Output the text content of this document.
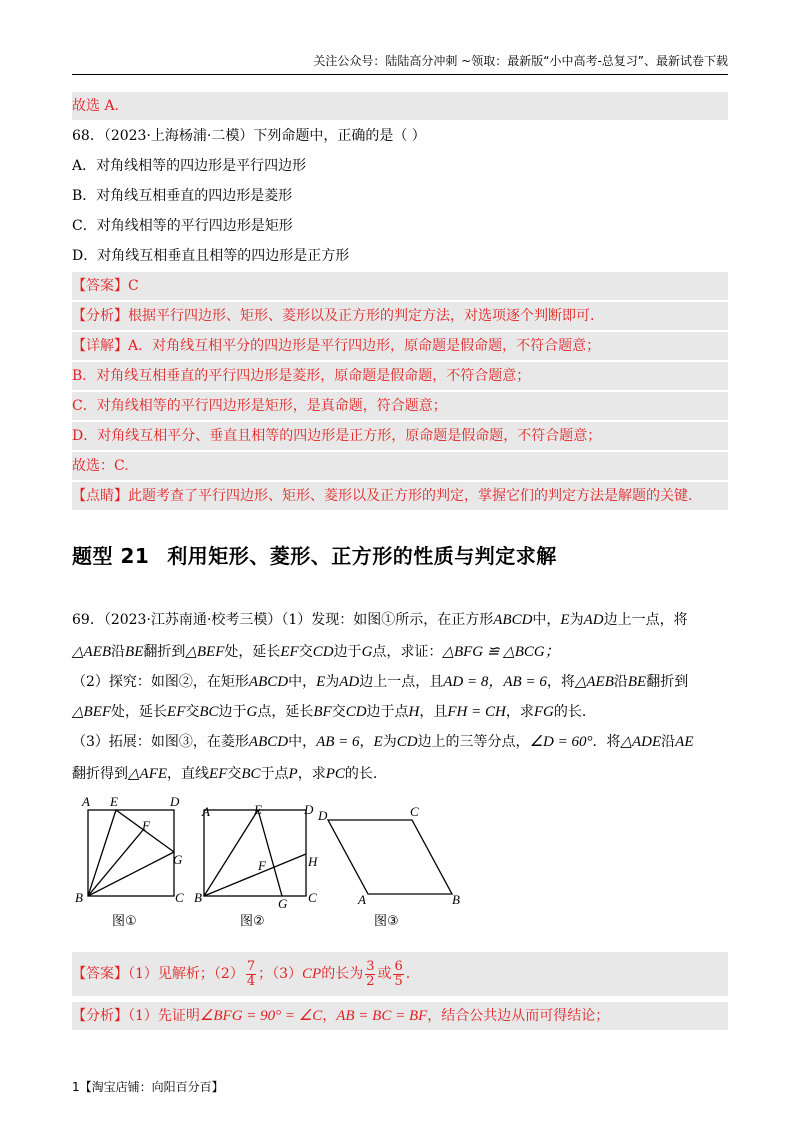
关注公众号：陆陆高分冲刺 ~领取：最新版“小中高考-总复习”、最新试卷下载
故选 A.
68．（2023·上海杨浦·二模）下列命题中，正确的是（ ）
A．对角线相等的四边形是平行四边形
B．对角线互相垂直的四边形是菱形
C．对角线相等的平行四边形是矩形
D．对角线互相垂直且相等的四边形是正方形
【答案】C
【分析】根据平行四边形、矩形、菱形以及正方形的判定方法，对选项逐个判断即可.
【详解】A．对角线互相平分的四边形是平行四边形，原命题是假命题，不符合题意；
B．对角线互相垂直的平行四边形是菱形，原命题是假命题，不符合题意；
C．对角线相等的平行四边形是矩形，是真命题，符合题意；
D．对角线互相平分、垂直且相等的四边形是正方形，原命题是假命题，不符合题意；
故选：C.
【点睛】此题考查了平行四边形、矩形、菱形以及正方形的判定，掌握它们的判定方法是解题的关键.
题型 21 利用矩形、菱形、正方形的性质与判定求解
69．（2023·江苏南通·校考三模）（1）发现：如图①所示，在正方形ABCD中，E为AD边上一点，将
△AEB沿BE翻折到△BEF处，延长EF交CD边于G点，求证：△BFG ≌ △BCG；
（2）探究：如图②，在矩形ABCD中，E为AD边上一点，且AD = 8，AB = 6，将△AEB沿BE翻折到
△BEF处，延长EF交BC边于G点，延长BF交CD边于点H，且FH = CH，求FG的长.
（3）拓展：如图③，在菱形ABCD中，AB = 6，E为CD边上的三等分点，∠D = 60°．将△ADE沿AE
翻折得到△AFE，直线EF交BC于点P，求PC的长.
A E	D
F
G
B	C
A	E	D
H
F
B	G C
D	C
A	B
图①	图②	图③
【答案】（1）见解析；$(2) \frac{7}{4}$ ；（3）CP的长为 $\frac{3}{2}$ 或 $\frac{6}{5}$ .
【分析】（1）先证明∠BFG = 90° = ∠C，AB = BC = BF，结合公共边从而可得结论；
1【淘宝店铺：向阳百分百】
